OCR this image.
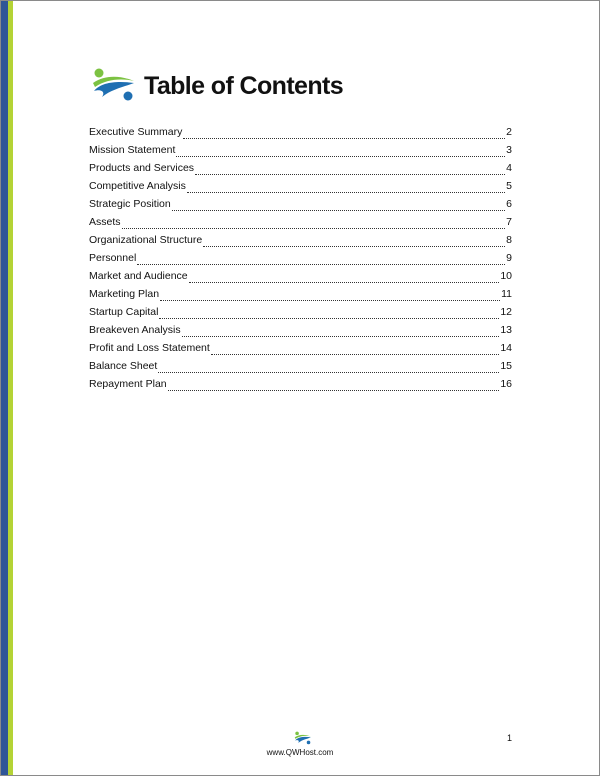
Table of Contents
Executive Summary	2
Mission Statement	3
Products and Services	4
Competitive Analysis	5
Strategic Position	6
Assets	7
Organizational Structure	8
Personnel	9
Market and Audience	10
Marketing Plan	11
Startup Capital	12
Breakeven Analysis	13
Profit and Loss Statement	14
Balance Sheet	15
Repayment Plan	16
www.QWHost.com
1
